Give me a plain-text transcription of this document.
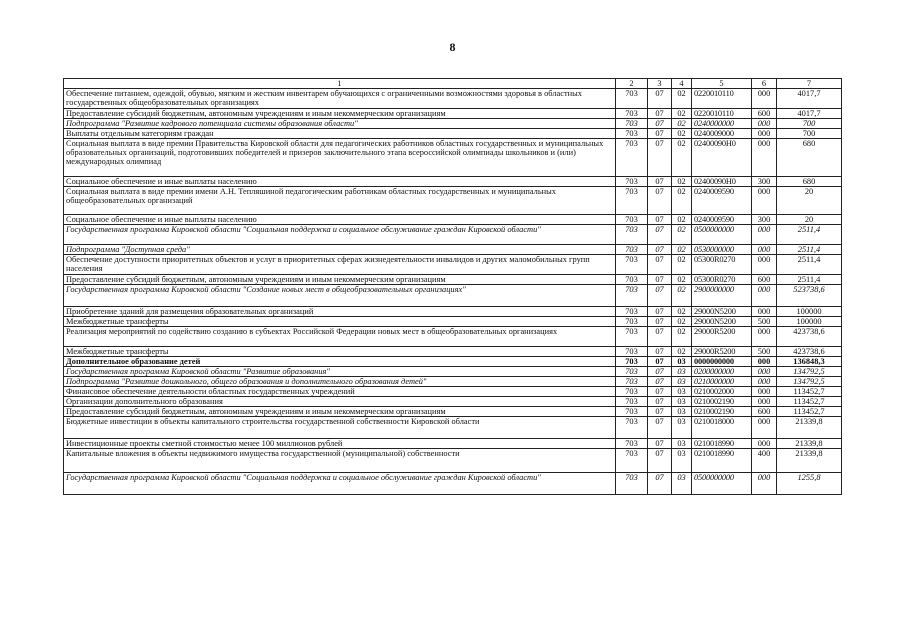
8
1	2	3	4	5	6	7
Обеспечение питанием, одеждой, обувью, мягким и жестким инвентарем обучающихся с ограниченными возможностями здоровья в областных государственных общеобразовательных организациях	703	07	02	0220010110	000	4017,7
Предоставление субсидий бюджетным, автономным учреждениям и иным некоммерческим организациям	703	07	02	0220010110	600	4017,7
Подпрограмма "Развитие кадрового потенциала системы образования области"	703	07	02	0240000000	000	700
Выплаты отдельным категориям граждан	703	07	02	0240009000	000	700
Социальная выплата в виде премии Правительства Кировской области для педагогических работников областных государственных и муниципальных образовательных организаций, подготовивших победителей и призеров заключительного этапа всероссийской олимпиады школьников и (или) международных олимпиад	703	07	02	02400090Н0	000	680
Социальное обеспечение и иные выплаты населению	703	07	02	02400090Н0	300	680
Социальная выплата в виде премии имени А.Н. Тепляшиной педагогическим работникам областных государственных и муниципальных общеобразовательных организаций	703	07	02	0240009590	000	20
Социальное обеспечение и иные выплаты населению	703	07	02	0240009590	300	20
Государственная программа Кировской области "Социальная поддержка и социальное обслуживание граждан Кировской области"	703	07	02	0500000000	000	2511,4
Подпрограмма "Доступная среда"	703	07	02	0530000000	000	2511,4
Обеспечение доступности приоритетных объектов и услуг в приоритетных сферах жизнедеятельности инвалидов и других маломобильных групп населения	703	07	02	05300R0270	000	2511,4
Предоставление субсидий бюджетным, автономным учреждениям и иным некоммерческим организациям	703	07	02	05300R0270	600	2511,4
Государственная программа Кировской области "Создание новых мест в общеобразовательных организациях"	703	07	02	2900000000	000	523738,6
Приобретение зданий для размещения образовательных организаций	703	07	02	29000N5200	000	100000
Межбюджетные трансферты	703	07	02	29000N5200	500	100000
Реализация мероприятий по содействию созданию в субъектах Российской Федерации новых мест в общеобразовательных организациях	703	07	02	29000R5200	000	423738,6
Межбюджетные трансферты	703	07	02	29000R5200	500	423738,6
Дополнительное образование детей	703	07	03	0000000000	000	136848,3
Государственная программа Кировской области "Развитие образования"	703	07	03	0200000000	000	134792,5
Подпрограмма "Развитие дошкольного, общего образования и дополнительного образования детей"	703	07	03	0210000000	000	134792,5
Финансовое обеспечение деятельности областных государственных учреждений	703	07	03	0210002000	000	113452,7
Организации дополнительного образования	703	07	03	0210002190	000	113452,7
Предоставление субсидий бюджетным, автономным учреждениям и иным некоммерческим организациям	703	07	03	0210002190	600	113452,7
Бюджетные инвестиции в объекты капитального строительства государственной собственности Кировской области	703	07	03	0210018000	000	21339,8
Инвестиционные проекты сметной стоимостью менее 100 миллионов рублей	703	07	03	0210018990	000	21339,8
Капитальные вложения в объекты недвижимого имущества государственной (муниципальной) собственности	703	07	03	0210018990	400	21339,8
Государственная программа Кировской области "Социальная поддержка и социальное обслуживание граждан Кировской области"	703	07	03	0500000000	000	1255,8
